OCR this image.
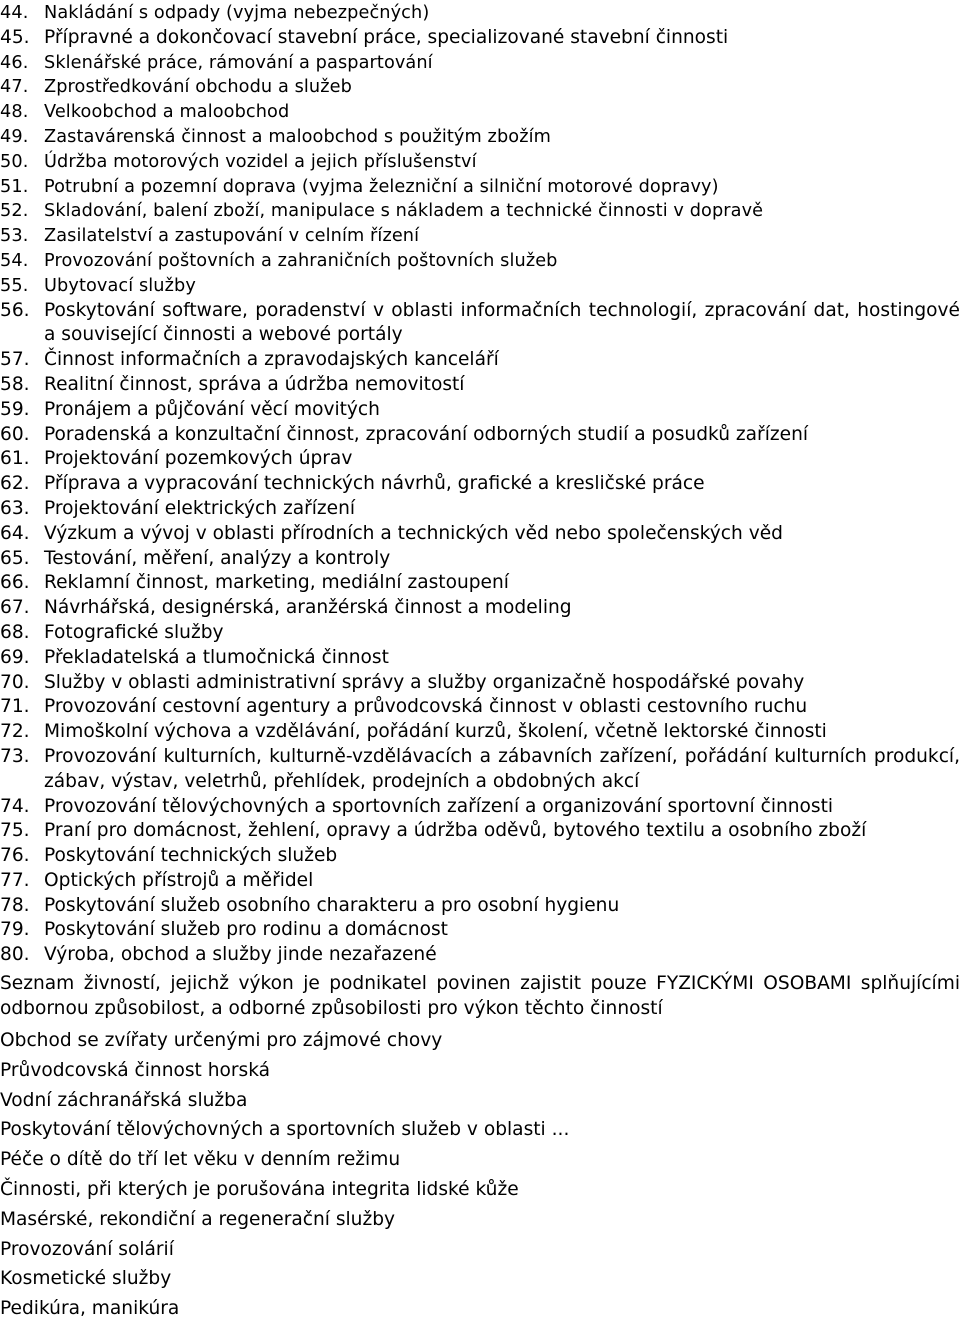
44. Nakládání s odpady (vyjma nebezpečných)
45. Přípravné a dokončovací stavební práce, specializované stavební činnosti
46. Sklenářské práce, rámování a paspartování
47. Zprostředkování obchodu a služeb
48. Velkoobchod a maloobchod
49. Zastavárenská činnost a maloobchod s použitým zbožím
50. Údržba motorových vozidel a jejich příslušenství
51. Potrubní a pozemní doprava (vyjma železniční a silniční motorové dopravy)
52. Skladování, balení zboží, manipulace s nákladem a technické činnosti v dopravě
53. Zasilatelství a zastupování v celním řízení
54. Provozování poštovních a zahraničních poštovních služeb
55. Ubytovací služby
56. Poskytování software, poradenství v oblasti informačních technologií, zpracování dat, hostingové a související činnosti a webové portály
57. Činnost informačních a zpravodajských kanceláří
58. Realitní činnost, správa a údržba nemovitostí
59. Pronájem a půjčování věcí movitých
60. Poradenská a konzultační činnost, zpracování odborných studií a posudků zařízení
61. Projektování pozemkových úprav
62. Příprava a vypracování technických návrhů, grafické a kresličské práce
63. Projektování elektrických zařízení
64. Výzkum a vývoj v oblasti přírodních a technických věd nebo společenských věd
65. Testování, měření, analýzy a kontroly
66. Reklamní činnost, marketing, mediální zastoupení
67. Návrhářská, designérská, aranžérská činnost a modeling
68. Fotografické služby
69. Překladatelská a tlumočnická činnost
70. Služby v oblasti administrativní správy a služby organizačně hospodářské povahy
71. Provozování cestovní agentury a průvodcovská činnost v oblasti cestovního ruchu
72. Mimoškolní výchova a vzdělávání, pořádání kurzů, školení, včetně lektorské činnosti
73. Provozování kulturních, kulturně-vzdělávacích a zábavních zařízení, pořádání kulturních produkcí, zábav, výstav, veletrhů, přehlídek, prodejních a obdobných akcí
74. Provozování tělovýchovných a sportovních zařízení a organizování sportovní činnosti
75. Praní pro domácnost, žehlení, opravy a údržba oděvů, bytového textilu a osobního zboží
76. Poskytování technických služeb
77. Optických přístrojů a měřidel
78. Poskytování služeb osobního charakteru a pro osobní hygienu
79. Poskytování služeb pro rodinu a domácnost
80. Výroba, obchod a služby jinde nezařazené
Seznam živností, jejichž výkon je podnikatel povinen zajistit pouze FYZICKÝMI OSOBAMI splňujícími odbornou způsobilost, a odborné způsobilosti pro výkon těchto činností
Obchod se zvířaty určenými pro zájmové chovy
Průvodcovská činnost horská
Vodní záchranářská služba
Poskytování tělovýchovných a sportovních služeb v oblasti ...
Péče o dítě do tří let věku v denním režimu
Činnosti, při kterých je porušována integrita lidské kůže
Masérské, rekondiční a regenerační služby
Provozování solárií
Kosmetické služby
Pedikúra, manikúra
